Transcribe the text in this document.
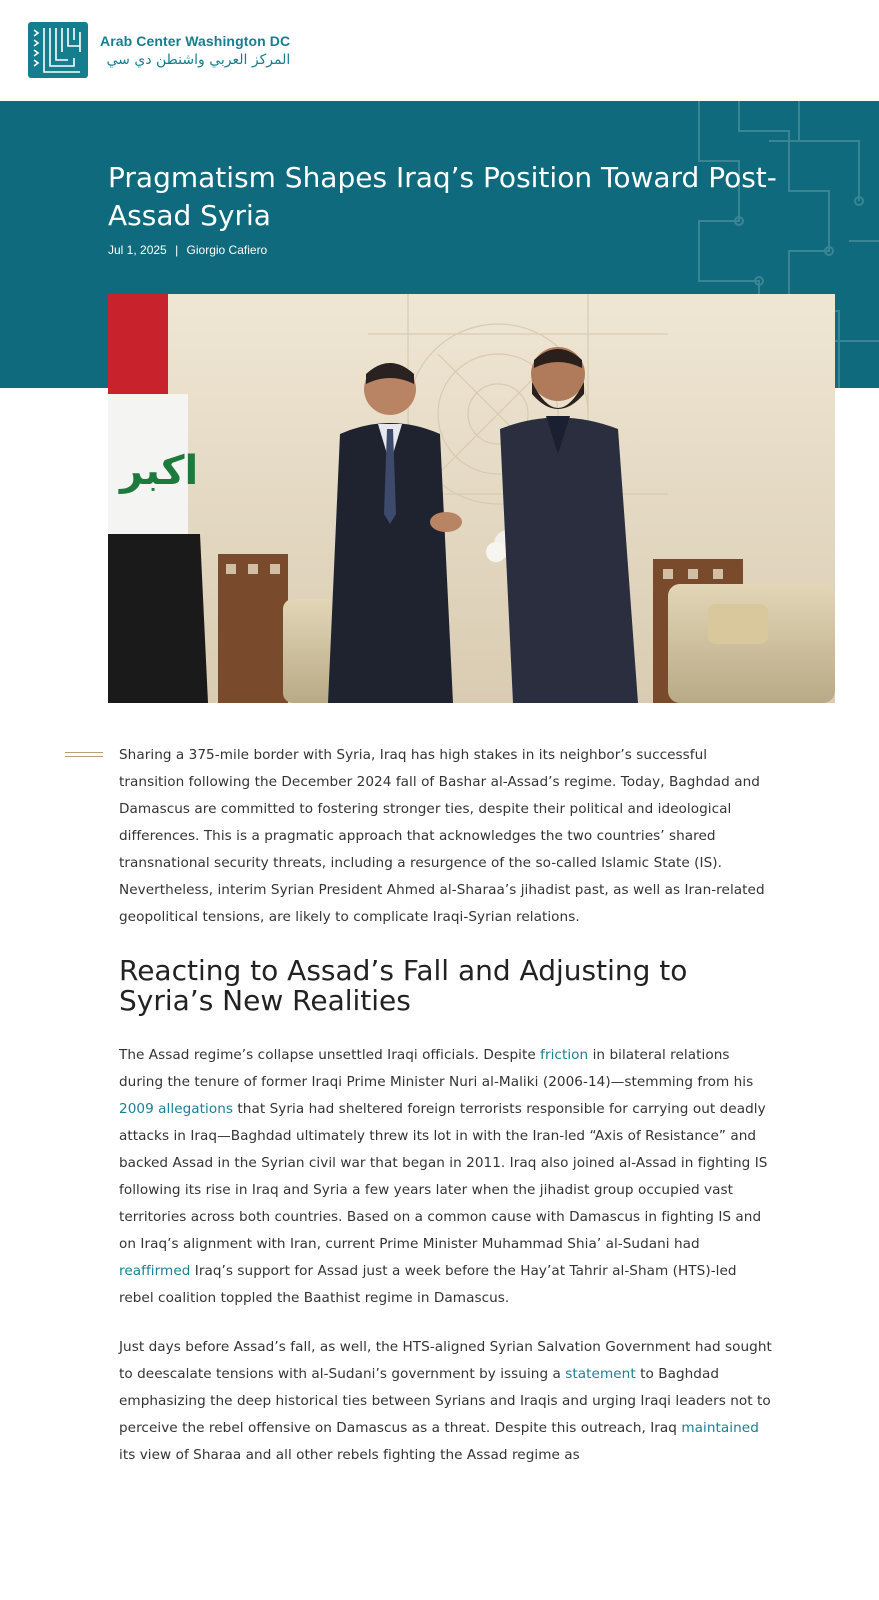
Arab Center Washington DC
المركز العربي واشنطن دي سي
Pragmatism Shapes Iraq’s Position Toward Post-Assad Syria
Jul 1, 2025 | Giorgio Cafiero
اكبر

Sharing a 375-mile border with Syria, Iraq has high stakes in its neighbor’s successful transition following the December 2024 fall of Bashar al-Assad’s regime. Today, Baghdad and Damascus are committed to fostering stronger ties, despite their political and ideological differences. This is a pragmatic approach that acknowledges the two countries’ shared transnational security threats, including a resurgence of the so-called Islamic State (IS). Nevertheless, interim Syrian President Ahmed al-Sharaa’s jihadist past, as well as Iran-related geopolitical tensions, are likely to complicate Iraqi-Syrian relations.

Reacting to Assad’s Fall and Adjusting to Syria’s New Realities

The Assad regime’s collapse unsettled Iraqi officials. Despite friction in bilateral relations during the tenure of former Iraqi Prime Minister Nuri al-Maliki (2006-14)—stemming from his 2009 allegations that Syria had sheltered foreign terrorists responsible for carrying out deadly attacks in Iraq—Baghdad ultimately threw its lot in with the Iran-led “Axis of Resistance” and backed Assad in the Syrian civil war that began in 2011. Iraq also joined al-Assad in fighting IS following its rise in Iraq and Syria a few years later when the jihadist group occupied vast territories across both countries. Based on a common cause with Damascus in fighting IS and on Iraq’s alignment with Iran, current Prime Minister Muhammad Shia’ al-Sudani had reaffirmed Iraq’s support for Assad just a week before the Hay’at Tahrir al-Sham (HTS)-led rebel coalition toppled the Baathist regime in Damascus.

Just days before Assad’s fall, as well, the HTS-aligned Syrian Salvation Government had sought to deescalate tensions with al-Sudani’s government by issuing a statement to Baghdad emphasizing the deep historical ties between Syrians and Iraqis and urging Iraqi leaders not to perceive the rebel offensive on Damascus as a threat. Despite this outreach, Iraq maintained its view of Sharaa and all other rebels fighting the Assad regime as
